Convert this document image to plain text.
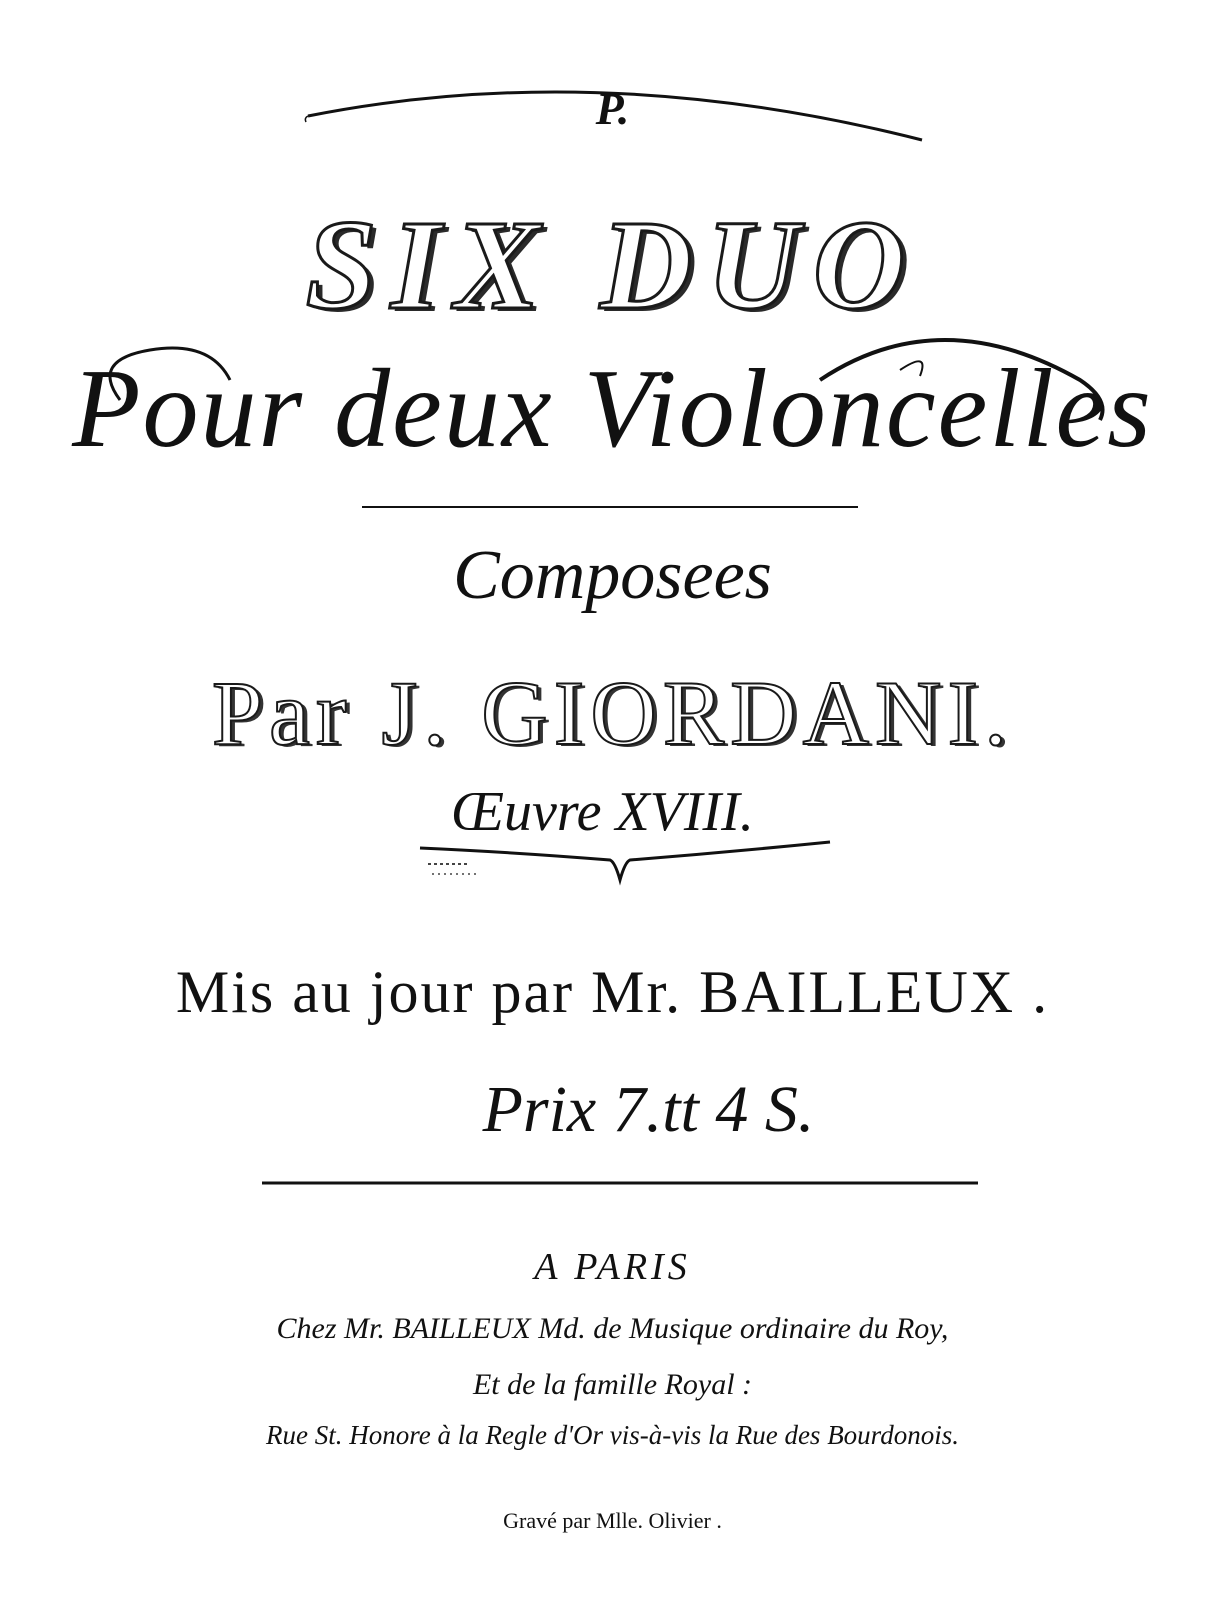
P.
SIX DUO
Pour deux Violoncelles
Composees
Par J. GIORDANI.
Œuvre XVIII.
Mis au jour par Mr. BAILLEUX .
Prix 7.tt 4 S.
A PARIS
Chez Mr. BAILLEUX Md. de Musique ordinaire du Roy,
Et de la famille Royal :
Rue St. Honore à la Regle d'Or vis-à-vis la Rue des Bourdonois.
Gravé par Mlle. Olivier .
